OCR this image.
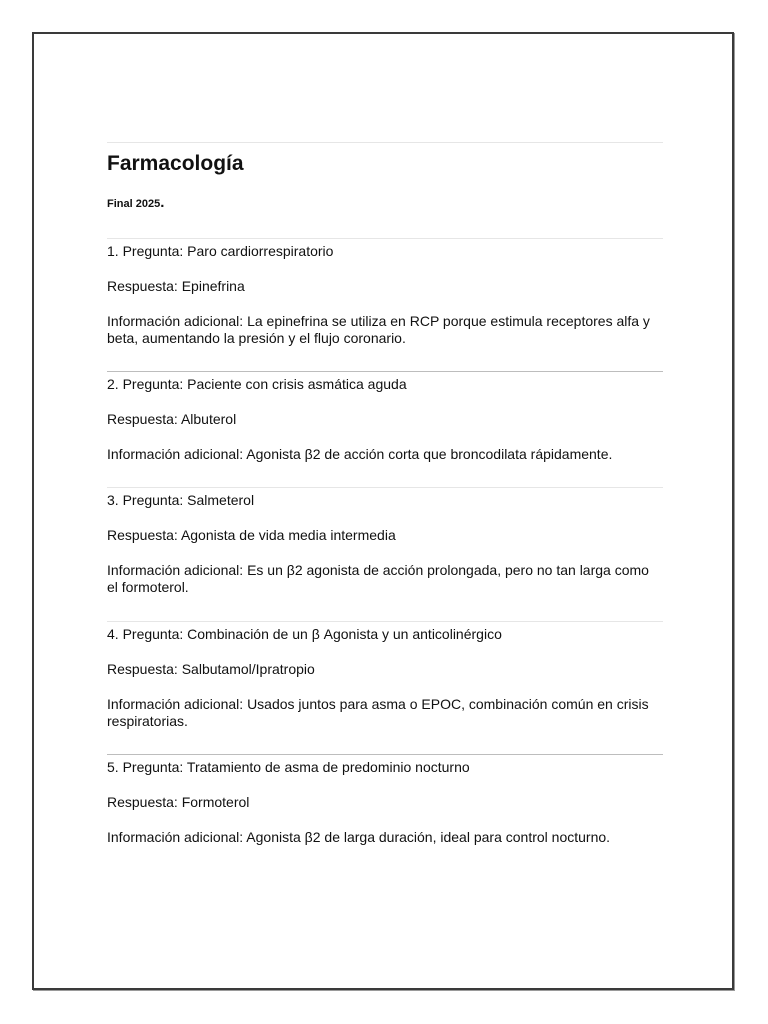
Farmacología
Final 2025.

1. Pregunta: Paro cardiorrespiratorio

Respuesta: Epinefrina

Información adicional: La epinefrina se utiliza en RCP porque estimula receptores alfa y beta, aumentando la presión y el flujo coronario.

2. Pregunta: Paciente con crisis asmática aguda

Respuesta: Albuterol

Información adicional: Agonista β2 de acción corta que broncodilata rápidamente.

3. Pregunta: Salmeterol

Respuesta: Agonista de vida media intermedia

Información adicional: Es un β2 agonista de acción prolongada, pero no tan larga como el formoterol.

4. Pregunta: Combinación de un β Agonista y un anticolinérgico

Respuesta: Salbutamol/Ipratropio

Información adicional: Usados juntos para asma o EPOC, combinación común en crisis respiratorias.

5. Pregunta: Tratamiento de asma de predominio nocturno

Respuesta: Formoterol

Información adicional: Agonista β2 de larga duración, ideal para control nocturno.
